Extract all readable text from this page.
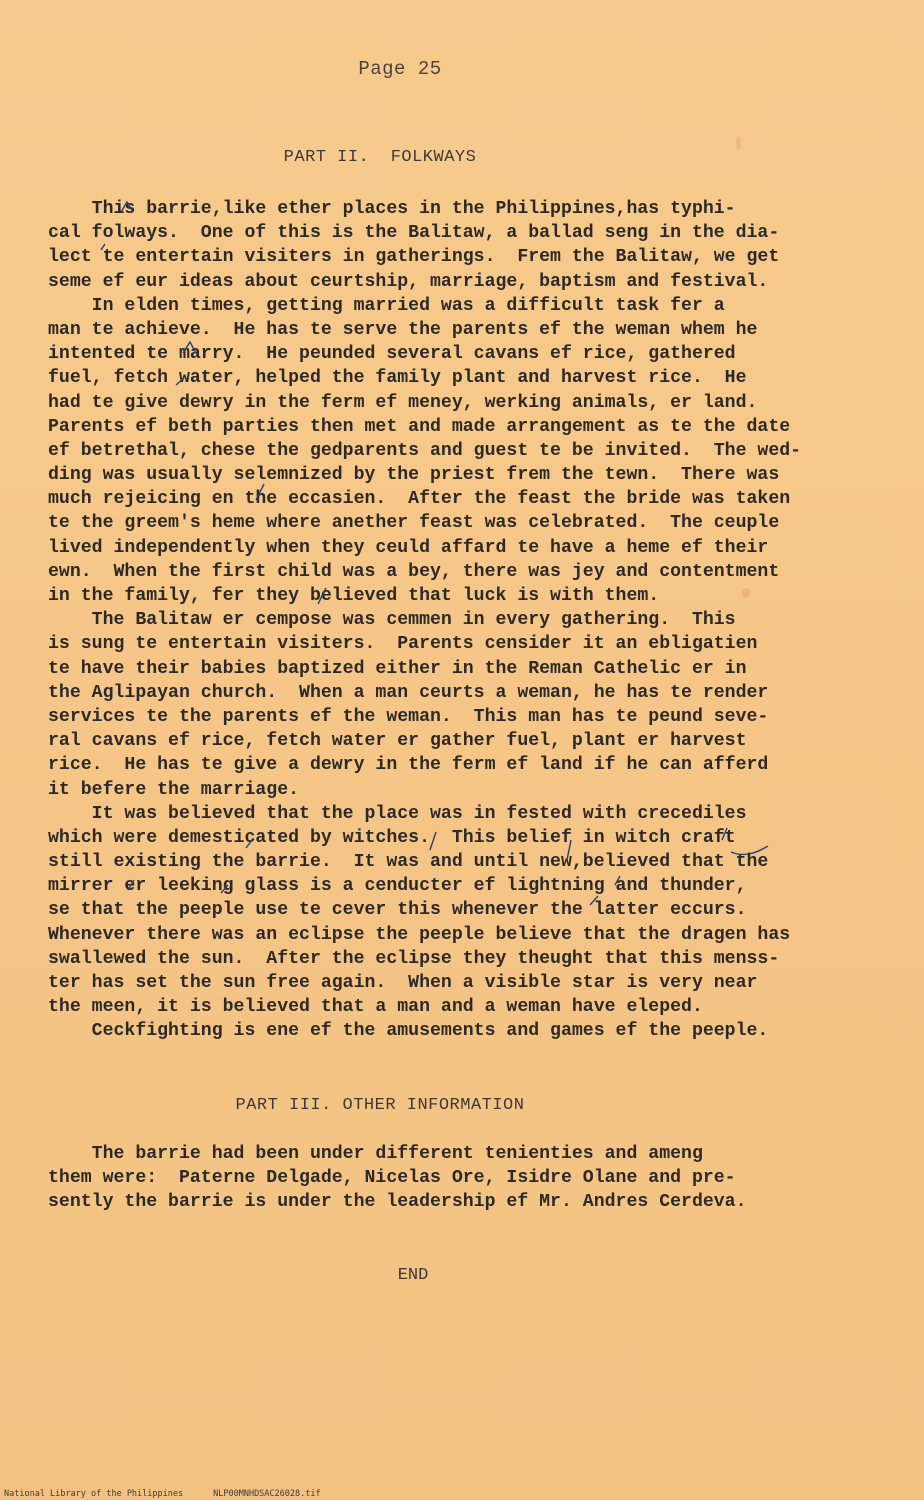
Page 25
PART II.  FOLKWAYS
This barrie,like ether places in the Philippines,has typhi-
cal folways.  One of this is the Balitaw, a ballad seng in the dia-
lect te entertain visiters in gatherings.  Frem the Balitaw, we get
seme ef eur ideas about ceurtship, marriage, baptism and festival.
In elden times, getting married was a difficult task fer a
man te achieve.  He has te serve the parents ef the weman whem he
intented te marry.  He peunded several cavans ef rice, gathered
fuel, fetch water, helped the family plant and harvest rice.  He
had te give dewry in the ferm ef meney, werking animals, er land.
Parents ef beth parties then met and made arrangement as te the date
ef betrethal, chese the gedparents and guest te be invited.  The wed-
ding was usually selemnized by the priest frem the tewn.  There was
much rejeicing en the eccasien.  After the feast the bride was taken
te the greem's heme where anether feast was celebrated.  The ceuple
lived independently when they ceuld affard te have a heme ef their
ewn.  When the first child was a bey, there was jey and contentment
in the family, fer they believed that luck is with them.
The Balitaw er cempose was cemmen in every gathering.  This
is sung te entertain visiters.  Parents censider it an ebligatien
te have their babies baptized either in the Reman Cathelic er in
the Aglipayan church.  When a man ceurts a weman, he has te render
services te the parents ef the weman.  This man has te peund seve-
ral cavans ef rice, fetch water er gather fuel, plant er harvest
rice.  He has te give a dewry in the ferm ef land if he can afferd
it befere the marriage.
It was believed that the place was in fested with crecediles
which were demesticated by witches.  This belief in witch craft
still existing the barrie.  It was and until new,believed that the
mirrer er leeking glass is a cenducter ef lightning and thunder,
se that the peeple use te cever this whenever the latter eccurs.
Whenever there was an eclipse the peeple believe that the dragen has
swallewed the sun.  After the eclipse they theught that this menss-
ter has set the sun free again.  When a visible star is very near
the meen, it is believed that a man and a weman have eleped.
Ceckfighting is ene ef the amusements and games ef the peeple.
PART III. OTHER INFORMATION
The barrie had been under different tenienties and ameng
them were:  Paterne Delgade, Nicelas Ore, Isidre Olane and pre-
sently the barrie is under the leadership ef Mr. Andres Cerdeva.
END
National Library of the Philippines	NLP00MNHDSAC26028.tif
